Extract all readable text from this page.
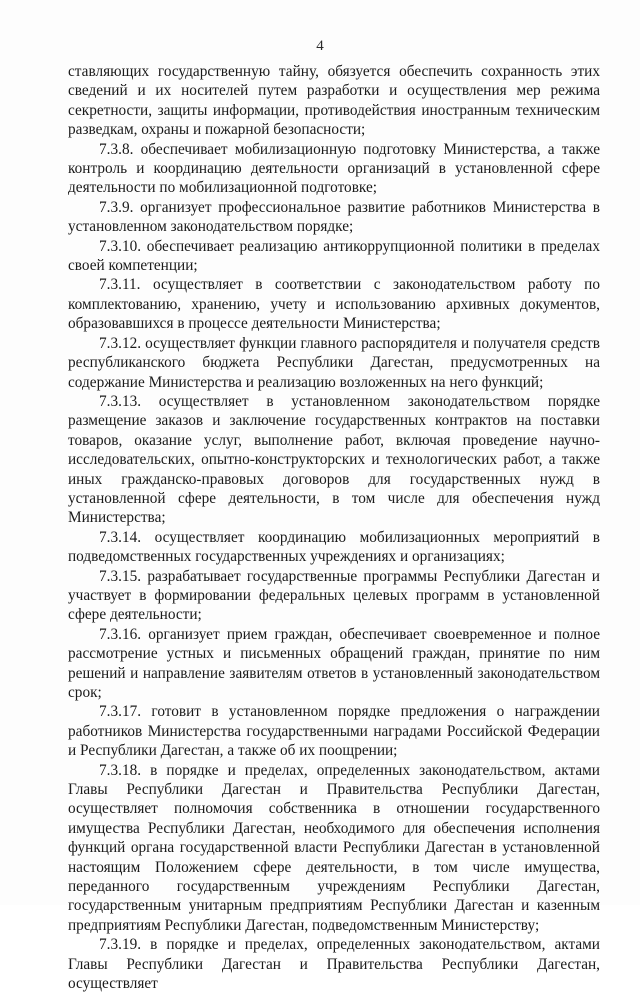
4

ставляющих государственную тайну, обязуется обеспечить сохранность этих сведений и их носителей путем разработки и осуществления мер режима секретности, защиты информации, противодействия иностранным техническим разведкам, охраны и пожарной безопасности;

7.3.8. обеспечивает мобилизационную подготовку Министерства, а также контроль и координацию деятельности организаций в установленной сфере деятельности по мобилизационной подготовке;

7.3.9. организует профессиональное развитие работников Министерства в установленном законодательством порядке;

7.3.10. обеспечивает реализацию антикоррупционной политики в пределах своей компетенции;

7.3.11. осуществляет в соответствии с законодательством работу по комплектованию, хранению, учету и использованию архивных документов, образовавшихся в процессе деятельности Министерства;

7.3.12. осуществляет функции главного распорядителя и получателя средств республиканского бюджета Республики Дагестан, предусмотренных на содержание Министерства и реализацию возложенных на него функций;

7.3.13. осуществляет в установленном законодательством порядке размещение заказов и заключение государственных контрактов на поставки товаров, оказание услуг, выполнение работ, включая проведение научно-исследовательских, опытно-конструкторских и технологических работ, а также иных гражданско-правовых договоров для государственных нужд в установленной сфере деятельности, в том числе для обеспечения нужд Министерства;

7.3.14. осуществляет координацию мобилизационных мероприятий в подведомственных государственных учреждениях и организациях;

7.3.15. разрабатывает государственные программы Республики Дагестан и участвует в формировании федеральных целевых программ в установленной сфере деятельности;

7.3.16. организует прием граждан, обеспечивает своевременное и полное рассмотрение устных и письменных обращений граждан, принятие по ним решений и направление заявителям ответов в установленный законодательством срок;

7.3.17. готовит в установленном порядке предложения о награждении работников Министерства государственными наградами Российской Федерации и Республики Дагестан, а также об их поощрении;

7.3.18. в порядке и пределах, определенных законодательством, актами Главы Республики Дагестан и Правительства Республики Дагестан, осуществляет полномочия собственника в отношении государственного имущества Республики Дагестан, необходимого для обеспечения исполнения функций органа государственной власти Республики Дагестан в установленной настоящим Положением сфере деятельности, в том числе имущества, переданного государственным учреждениям Республики Дагестан, государственным унитарным предприятиям Республики Дагестан и казенным предприятиям Республики Дагестан, подведомственным Министерству;

7.3.19. в порядке и пределах, определенных законодательством, актами Главы Республики Дагестан и Правительства Республики Дагестан, осуществляет
